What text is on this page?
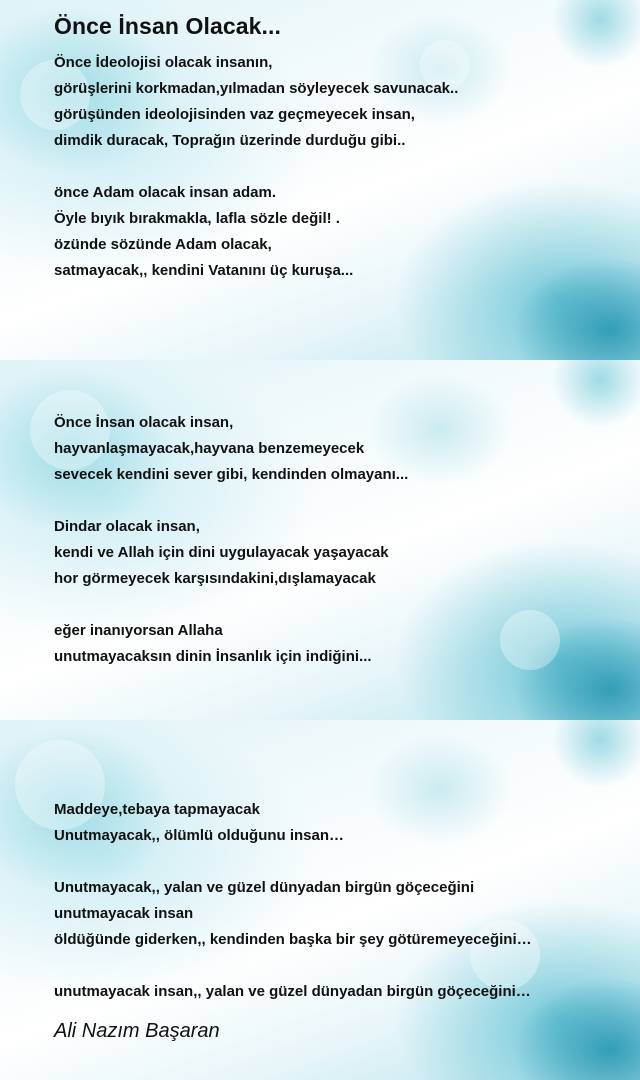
Önce İnsan Olacak...
Önce İdeolojisi olacak insanın,
görüşlerini korkmadan,yılmadan söyleyecek savunacak..
görüşünden ideolojisinden vaz geçmeyecek insan,
dimdik duracak, Toprağın üzerinde durduğu gibi..
önce Adam olacak insan adam.
Öyle bıyık bırakmakla, lafla sözle değil! .
özünde sözünde Adam olacak,
satmayacak,, kendini Vatanını üç kuruşa...
Önce İnsan olacak insan,
hayvanlaşmayacak,hayvana benzemeyecek
sevecek kendini sever gibi, kendinden olmayanı...
Dindar olacak insan,
kendi ve Allah için dini uygulayacak yaşayacak
hor görmeyecek karşısındakini,dışlamayacak
eğer inanıyorsan Allaha
unutmayacaksın dinin İnsanlık için indiğini...
Maddeye,tebaya tapmayacak
Unutmayacak,, ölümlü olduğunu insan…
Unutmayacak,, yalan ve güzel dünyadan birgün göçeceğini
unutmayacak insan
öldüğünde giderken,, kendinden başka bir şey götüremeyeceğini…
unutmayacak insan,, yalan ve güzel dünyadan birgün göçeceğini…
Ali Nazım Başaran
